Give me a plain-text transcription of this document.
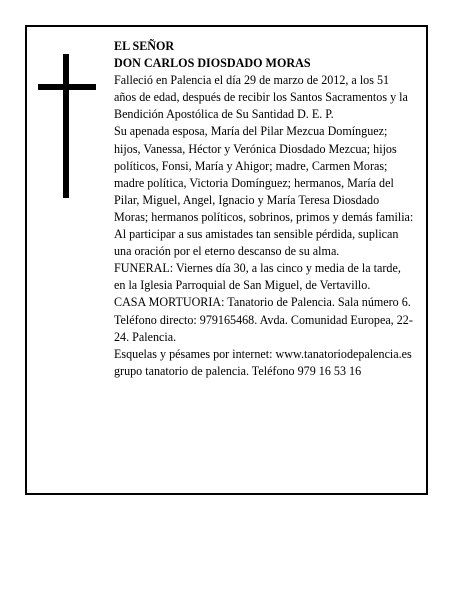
EL SEÑOR

DON CARLOS DIOSDADO MORAS

Falleció en Palencia el día 29 de marzo de 2012, a los 51 años de edad, después de recibir los Santos Sacramentos y la Bendición Apostólica de Su Santidad D. E. P.

Su apenada esposa, María del Pilar Mezcua Domínguez; hijos, Vanessa, Héctor y Verónica Diosdado Mezcua; hijos políticos, Fonsi, María y Ahigor; madre, Carmen Moras; madre política, Victoria Domínguez; hermanos, María del Pilar, Miguel, Angel, Ignacio y María Teresa Diosdado Moras; hermanos políticos, sobrinos, primos y demás familia:

Al participar a sus amistades tan sensible pérdida, suplican una oración por el eterno descanso de su alma.

FUNERAL: Viernes día 30, a las cinco y media de la tarde, en la Iglesia Parroquial de San Miguel, de Vertavillo.

CASA MORTUORIA: Tanatorio de Palencia. Sala número 6. Teléfono directo: 979165468. Avda. Comunidad Europea, 22-24. Palencia.

Esquelas y pésames por internet: www.tanatoriodepalencia.es

grupo tanatorio de palencia. Teléfono 979 16 53 16
